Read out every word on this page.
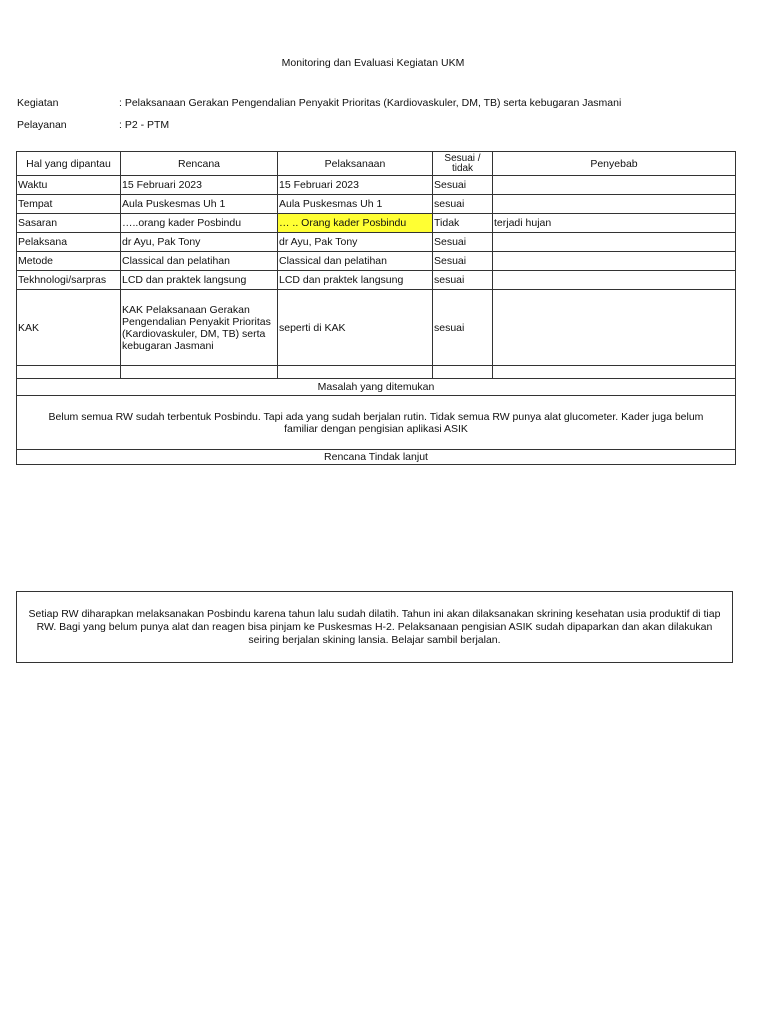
Monitoring dan Evaluasi Kegiatan UKM
Kegiatan	: Pelaksanaan Gerakan Pengendalian Penyakit Prioritas (Kardiovaskuler, DM, TB) serta kebugaran Jasmani
Pelayanan	: P2 - PTM
Hal yang dipantau	Rencana	Pelaksanaan	Sesuai / tidak	Penyebab
Waktu	15 Februari 2023	15 Februari 2023	Sesuai	
Tempat	Aula Puskesmas Uh 1	Aula Puskesmas Uh 1	sesuai	
Sasaran	…..orang kader Posbindu	… .. Orang kader Posbindu	Tidak	terjadi hujan
Pelaksana	dr Ayu, Pak Tony	dr Ayu, Pak Tony	Sesuai	
Metode	Classical dan pelatihan	Classical dan pelatihan	Sesuai	
Tekhnologi/sarpras	LCD dan praktek langsung	LCD dan praktek langsung	sesuai	
KAK	KAK Pelaksanaan Gerakan Pengendalian Penyakit Prioritas (Kardiovaskuler, DM, TB) serta kebugaran Jasmani	seperti di KAK	sesuai	

Masalah yang ditemukan				
Belum semua RW sudah terbentuk Posbindu. Tapi ada yang sudah berjalan rutin. Tidak semua RW punya alat glucometer. Kader juga belum familiar dengan pengisian aplikasi ASIK				
Rencana Tindak lanjut				
Setiap RW diharapkan melaksanakan Posbindu karena tahun lalu sudah dilatih. Tahun ini akan dilaksanakan skrining kesehatan usia produktif di tiap RW. Bagi yang belum punya alat dan reagen bisa pinjam ke Puskesmas H-2. Pelaksanaan pengisian ASIK sudah dipaparkan dan akan dilakukan seiring berjalan skining lansia. Belajar sambil berjalan.
